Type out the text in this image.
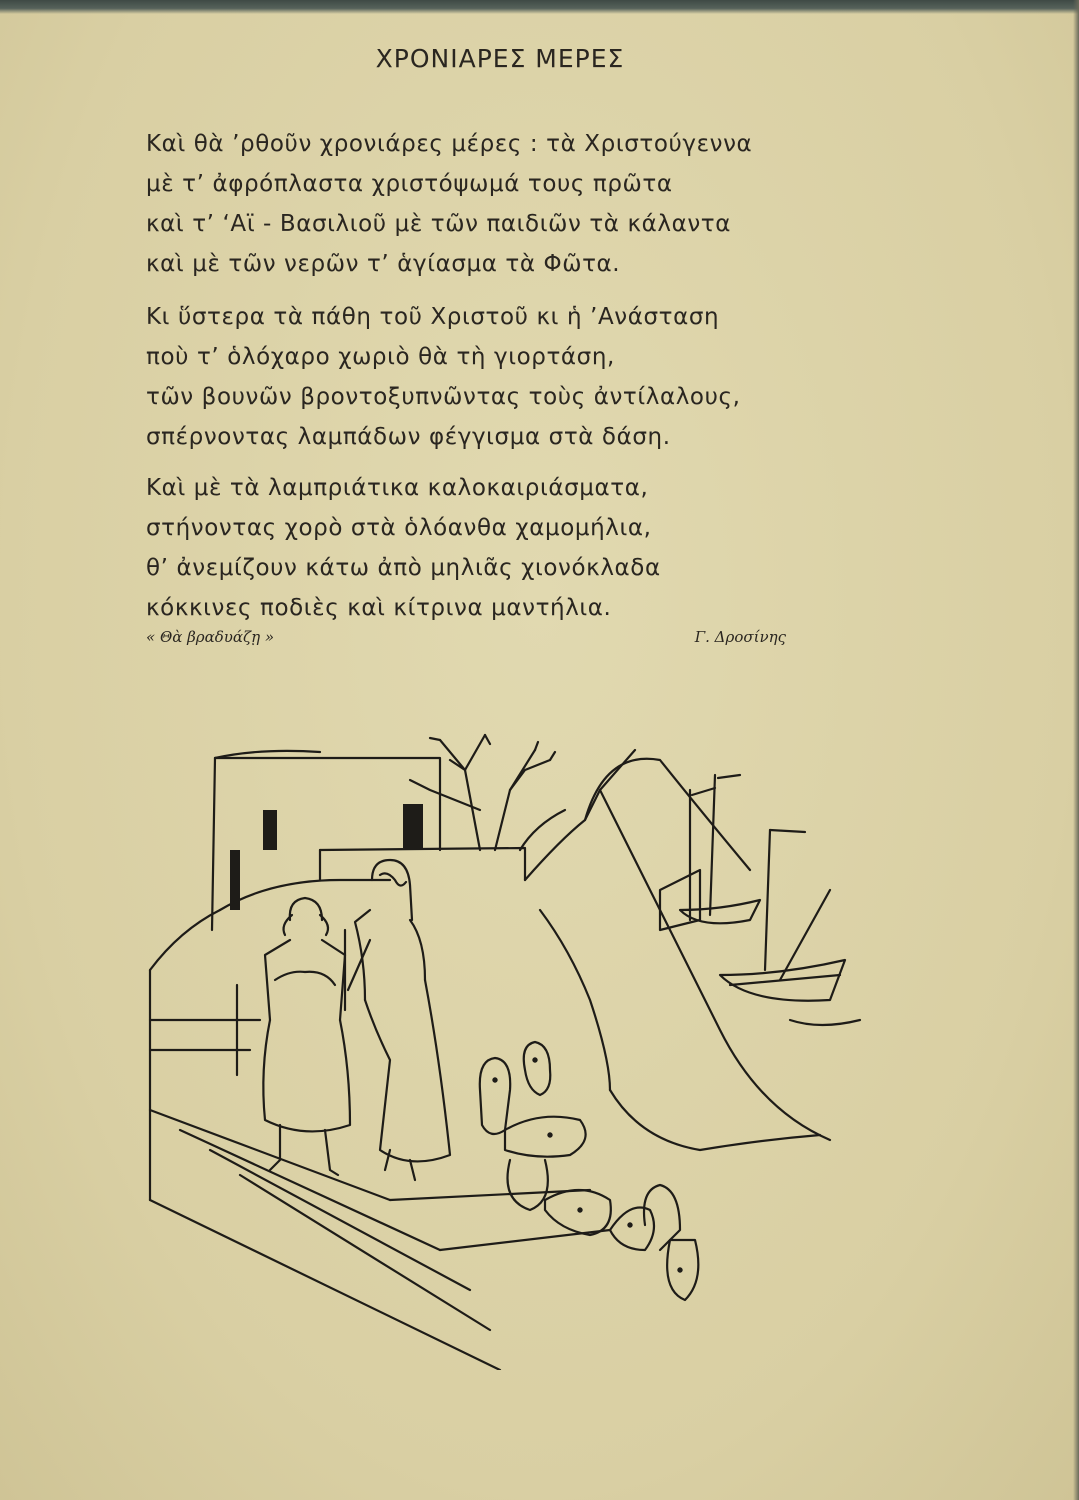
ΧΡΟΝΙΑΡΕΣ ΜΕΡΕΣ
Καὶ θὰ ’ρθοῦν χρονιάρες μέρες : τὰ Χριστούγεννα
μὲ τ’ ἀφρόπλαστα χριστόψωμά τους πρῶτα
καὶ τ’ ‘Αϊ - Βασιλιοῦ μὲ τῶν παιδιῶν τὰ κάλαντα
καὶ μὲ τῶν νερῶν τ’ ἁγίασμα τὰ Φῶτα.
Κι ὕστερα τὰ πάθη τοῦ Χριστοῦ κι ἡ ’Ανάσταση
ποὺ τ’ ὁλόχαρο χωριὸ θὰ τὴ γιορτάση,
τῶν βουνῶν βροντοξυπνῶντας τοὺς ἀντίλαλους,
σπέρνοντας λαμπάδων φέγγισμα στὰ δάση.
Καὶ μὲ τὰ λαμπριάτικα καλοκαιριάσματα,
στήνοντας χορὸ στὰ ὁλόανθα χαμομήλια,
θ’ ἀνεμίζουν κάτω ἀπὸ μηλιᾶς χιονόκλαδα
κόκκινες ποδιὲς καὶ κίτρινα μαντήλια.
« Θὰ βραδυάζῃ »	Γ. Δροσίνης
